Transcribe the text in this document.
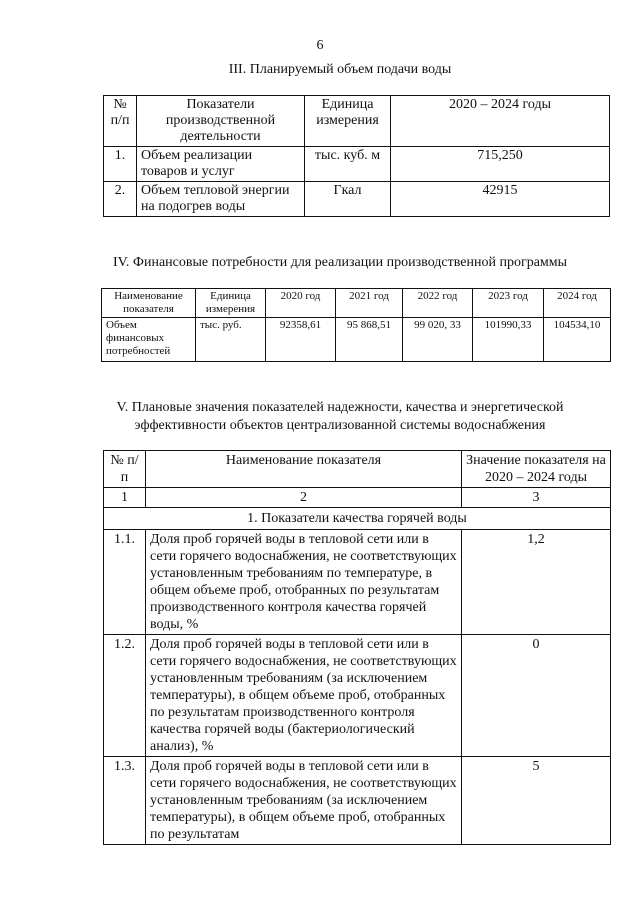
6
III. Планируемый объем подачи воды
№ п/п	Показатели производственной деятельности	Единица измерения	2020 – 2024 годы
1.	Объем реализации товаров и услуг	тыс. куб. м	715,250
2.	Объем тепловой энергии на подогрев воды	Гкал	42915
IV. Финансовые потребности для реализации производственной программы
Наименование показателя	Единица измерения	2020 год	2021 год	2022 год	2023 год	2024 год
Объем финансовых потребностей	тыс. руб.	92358,61	95 868,51	99 020, 33	101990,33	104534,10
V. Плановые значения показателей надежности, качества и энергетической
эффективности объектов централизованной системы водоснабжения
№ п/п	Наименование показателя	Значение показателя на 2020 – 2024 годы
1	2	3
1. Показатели качества горячей воды		
1.1.	Доля проб горячей воды в тепловой сети или в сети горячего водоснабжения, не соответствующих установленным требованиям по температуре, в общем объеме проб, отобранных по результатам производственного контроля качества горячей воды, %	1,2
1.2.	Доля проб горячей воды в тепловой сети или в сети горячего водоснабжения, не соответствующих установленным требованиям (за исключением температуры), в общем объеме проб, отобранных по результатам производственного контроля качества горячей воды (бактериологический анализ), %	0
1.3.	Доля проб горячей воды в тепловой сети или в сети горячего водоснабжения, не соответствующих установленным требованиям (за исключением температуры), в общем объеме проб, отобранных по результатам	5
